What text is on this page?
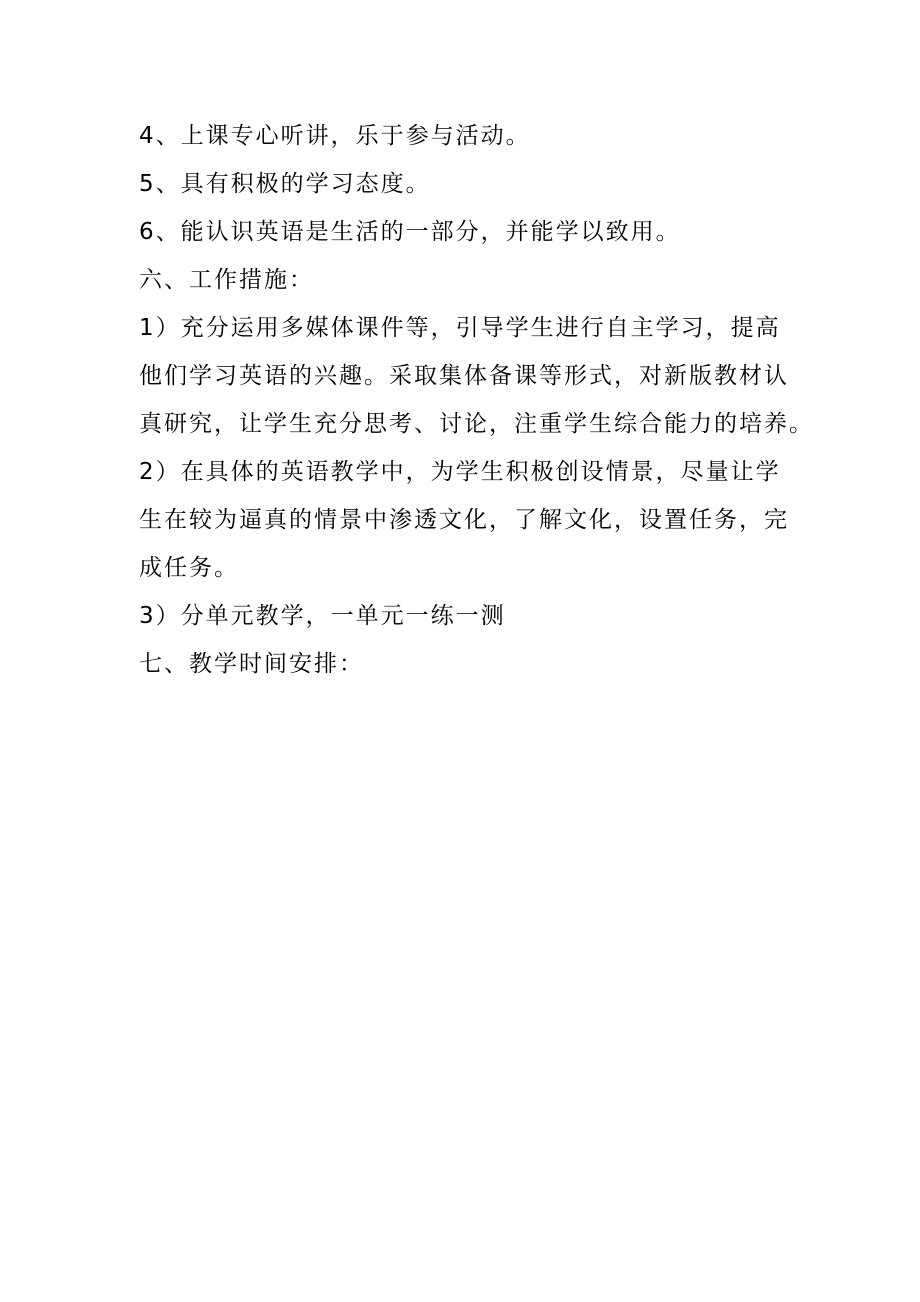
4、上课专心听讲，乐于参与活动。

5、具有积极的学习态度。

6、能认识英语是生活的一部分，并能学以致用。

六、工作措施：

1）充分运用多媒体课件等，引导学生进行自主学习，提高

他们学习英语的兴趣。采取集体备课等形式，对新版教材认

真研究，让学生充分思考、讨论，注重学生综合能力的培养。

2）在具体的英语教学中，为学生积极创设情景，尽量让学

生在较为逼真的情景中渗透文化，了解文化，设置任务，完

成任务。

3）分单元教学，一单元一练一测

七、教学时间安排：
